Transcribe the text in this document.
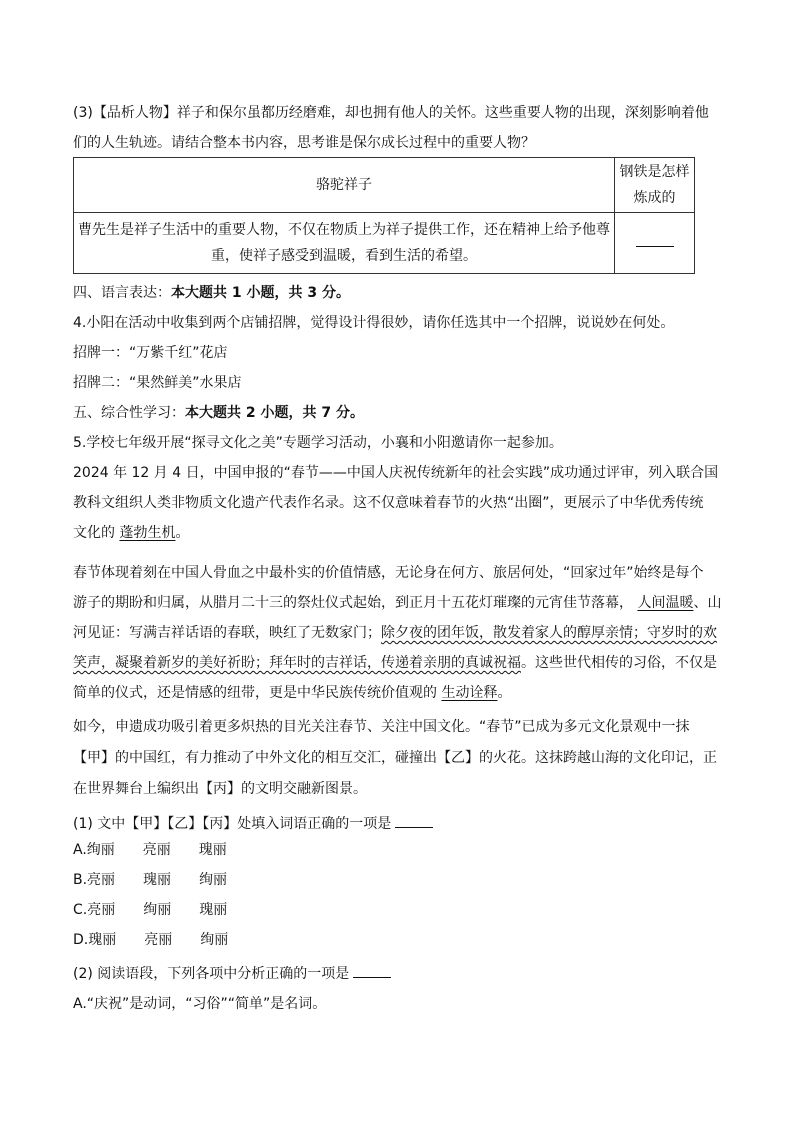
(3)【品析人物】祥子和保尔虽都历经磨难，却也拥有他人的关怀。这些重要人物的出现，深刻影响着他
们的人生轨迹。请结合整本书内容，思考谁是保尔成长过程中的重要人物？
骆驼祥子	钢铁是怎样
炼成的

曹先生是祥子生活中的重要人物，不仅在物质上为祥子提供工作，还在精神上给予他尊
重，使祥子感受到温暖，看到生活的希望。	

四、语言表达：本大题共 1 小题，共 3 分。
4.小阳在活动中收集到两个店铺招牌，觉得设计得很妙，请你任选其中一个招牌，说说妙在何处。
招牌一：“万紫千红”花店
招牌二：“果然鲜美”水果店
五、综合性学习：本大题共 2 小题，共 7 分。
5.学校七年级开展“探寻文化之美”专题学习活动，小襄和小阳邀请你一起参加。
2024 年 12 月 4 日，中国申报的“春节——中国人庆祝传统新年的社会实践”成功通过评审，列入联合国
教科文组织人类非物质文化遗产代表作名录。这不仅意味着春节的火热“出圈”，更展示了中华优秀传统
文化的 蓬勃生机。
春节体现着刻在中国人骨血之中最朴实的价值情感，无论身在何方、旅居何处，“回家过年”始终是每个
游子的期盼和归属，从腊月二十三的祭灶仪式起始，到正月十五花灯璀璨的元宵佳节落幕， 人间温暖、山
河见证：写满吉祥话语的春联，映红了无数家门；除夕夜的团年饭，散发着家人的醇厚亲情；守岁时的欢
笑声，凝聚着新岁的美好祈盼；拜年时的吉祥话，传递着亲朋的真诚祝福。这些世代相传的习俗，不仅是
简单的仪式，还是情感的纽带，更是中华民族传统价值观的 生动诠释。
如今，申遗成功吸引着更多炽热的目光关注春节、关注中国文化。“春节”已成为多元文化景观中一抹
【甲】的中国红，有力推动了中外文化的相互交汇，碰撞出【乙】的火花。这抹跨越山海的文化印记，正
在世界舞台上编织出【丙】的文明交融新图景。
(1) 文中【甲】【乙】【丙】处填入词语正确的一项是
A.绚丽　　亮丽　　瑰丽
B.亮丽　　瑰丽　　绚丽
C.亮丽　　绚丽　　瑰丽
D.瑰丽　　亮丽　　绚丽
(2) 阅读语段，下列各项中分析正确的一项是
A.“庆祝”是动词，“习俗”“简单”是名词。
